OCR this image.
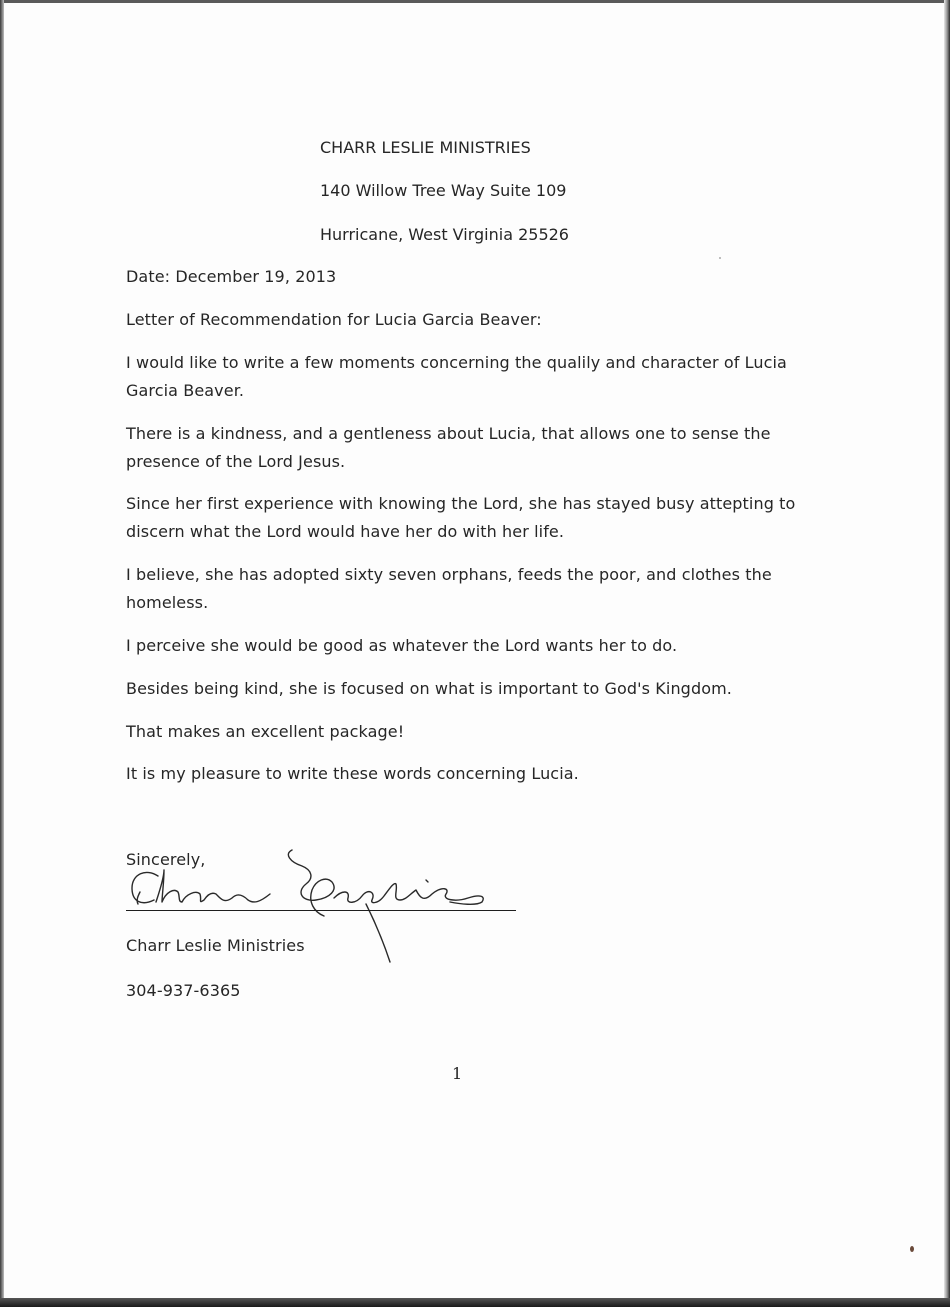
CHARR LESLIE MINISTRIES
140 Willow Tree Way Suite 109
Hurricane, West Virginia 25526
Date: December 19, 2013
Letter of Recommendation for Lucia Garcia Beaver:
I would like to write a few moments concerning the qualily and character of Lucia Garcia Beaver.
There is a kindness, and a gentleness about Lucia, that allows one to sense the presence of the Lord Jesus.
Since her first experience with knowing the Lord, she has stayed busy attepting to discern what the Lord would have her do with her life.
I believe, she has adopted sixty seven orphans, feeds the poor, and clothes the homeless.
I perceive she would be good as whatever the Lord wants her to do.
Besides being kind, she is focused on what is important to God's Kingdom.
That makes an excellent package!
It is my pleasure to write these words concerning Lucia.
Sincerely,
Charr Leslie Ministries
304-937-6365
1
